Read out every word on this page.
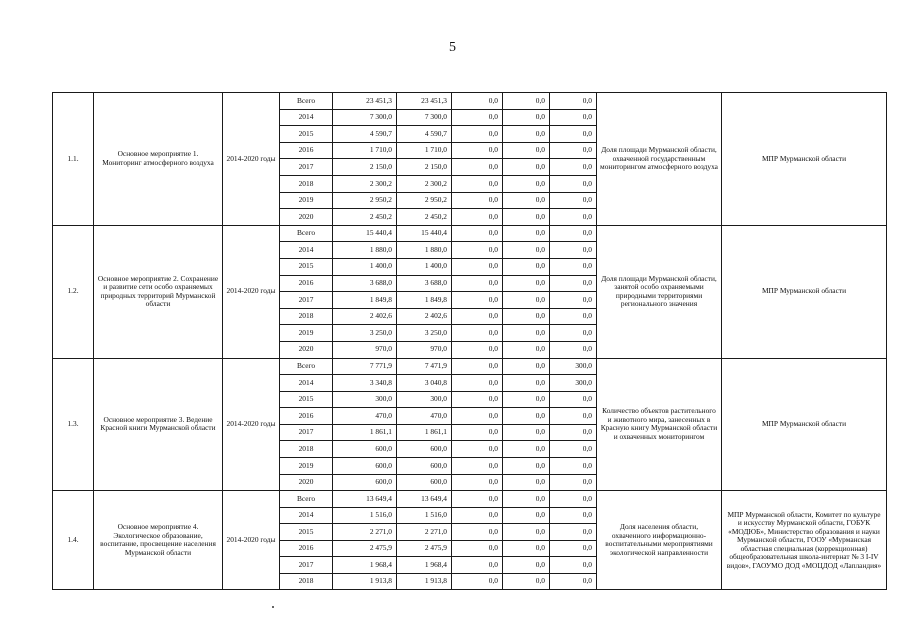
5
1.1.	Основное мероприятие 1. Мониторинг атмосферного воздуха	2014-2020 годы	Всего	23 451,3	23 451,3	0,0	0,0	0,0	Доля площади Мурманской области, охваченной государственным мониторингом атмосферного воздуха	МПР Мурманской области
			2014	7 300,0	7 300,0	0,0	0,0	0,0		
			2015	4 590,7	4 590,7	0,0	0,0	0,0		
			2016	1 710,0	1 710,0	0,0	0,0	0,0		
			2017	2 150,0	2 150,0	0,0	0,0	0,0		
			2018	2 300,2	2 300,2	0,0	0,0	0,0		
			2019	2 950,2	2 950,2	0,0	0,0	0,0		
			2020	2 450,2	2 450,2	0,0	0,0	0,0		
1.2.	Основное мероприятие 2. Сохранение и развитие сети особо охраняемых природных территорий Мурманской области	2014-2020 годы	Всего	15 440,4	15 440,4	0,0	0,0	0,0	Доля площади Мурманской области, занятой особо охраняемыми природными территориями регионального значения	МПР Мурманской области
			2014	1 880,0	1 880,0	0,0	0,0	0,0		
			2015	1 400,0	1 400,0	0,0	0,0	0,0		
			2016	3 688,0	3 688,0	0,0	0,0	0,0		
			2017	1 849,8	1 849,8	0,0	0,0	0,0		
			2018	2 402,6	2 402,6	0,0	0,0	0,0		
			2019	3 250,0	3 250,0	0,0	0,0	0,0		
			2020	970,0	970,0	0,0	0,0	0,0		
1.3.	Основное мероприятие 3. Ведение Красной книги Мурманской области	2014-2020 годы	Всего	7 771,9	7 471,9	0,0	0,0	300,0	Количество объектов растительного и животного мира, занесенных в Красную книгу Мурманской области и охваченных мониторингом	МПР Мурманской области
			2014	3 340,8	3 040,8	0,0	0,0	300,0		
			2015	300,0	300,0	0,0	0,0	0,0		
			2016	470,0	470,0	0,0	0,0	0,0		
			2017	1 861,1	1 861,1	0,0	0,0	0,0		
			2018	600,0	600,0	0,0	0,0	0,0		
			2019	600,0	600,0	0,0	0,0	0,0		
			2020	600,0	600,0	0,0	0,0	0,0		
1.4.	Основное мероприятие 4. Экологическое образование, воспитание, просвещение населения Мурманской области	2014-2020 годы	Всего	13 649,4	13 649,4	0,0	0,0	0,0	Доля населения области, охваченного информационно-воспитательными мероприятиями экологической направленности	МПР Мурманской области, Комитет по культуре и искусству Мурманской области, ГОБУК «МОДЮБ», Министерство образования и науки Мурманской области, ГООУ «Мурманская областная специальная (коррекционная) общеобразовательная школа-интернат № 3 I-IV видов», ГАОУМО ДОД «МОЦДОД «Лапландия»
			2014	1 516,0	1 516,0	0,0	0,0	0,0		
			2015	2 271,0	2 271,0	0,0	0,0	0,0		
			2016	2 475,9	2 475,9	0,0	0,0	0,0		
			2017	1 968,4	1 968,4	0,0	0,0	0,0		
			2018	1 913,8	1 913,8	0,0	0,0	0,0		
